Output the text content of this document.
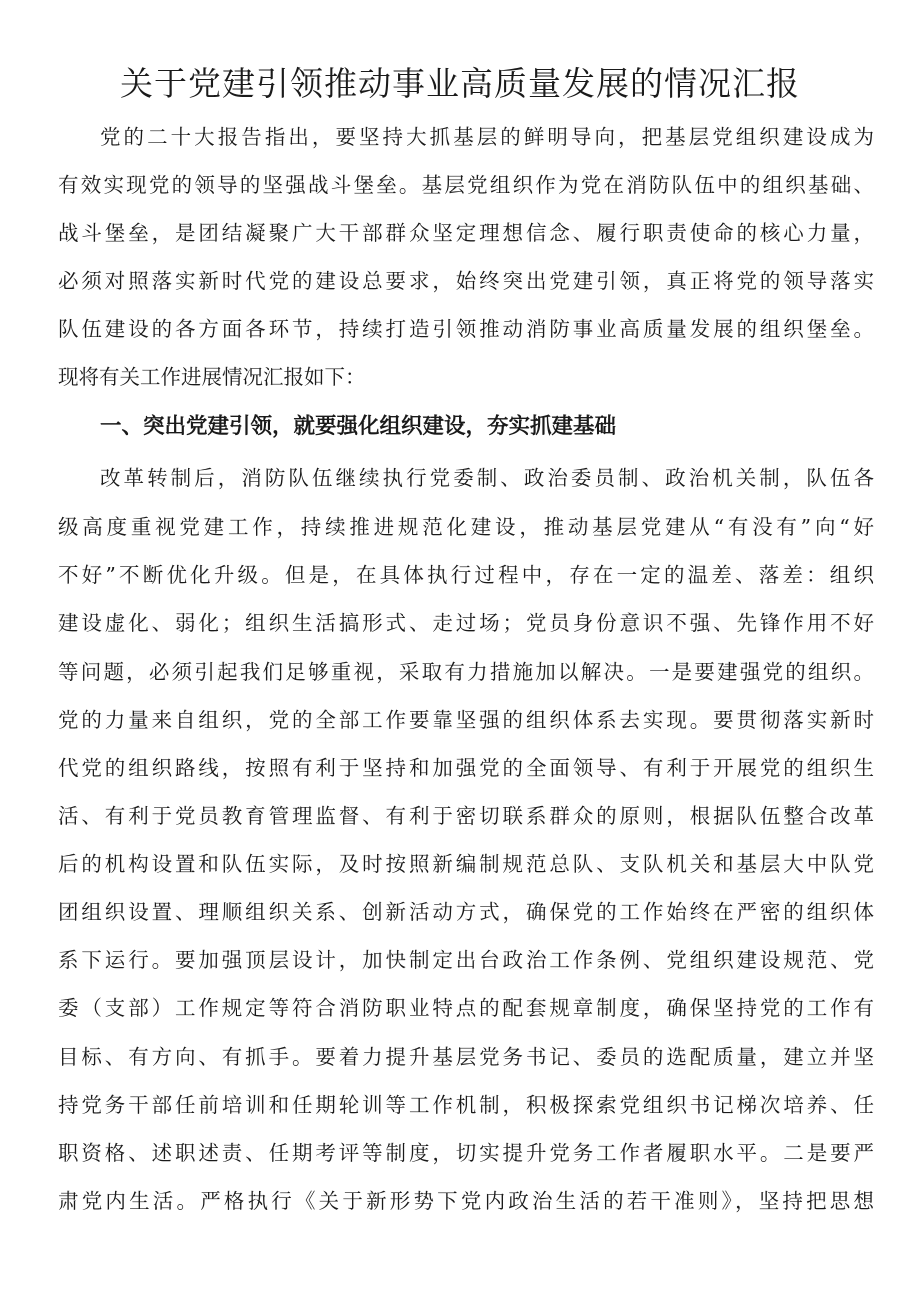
关于党建引领推动事业高质量发展的情况汇报
党的二十大报告指出，要坚持大抓基层的鲜明导向，把基层党组织建设成为
有效实现党的领导的坚强战斗堡垒。基层党组织作为党在消防队伍中的组织基础、
战斗堡垒，是团结凝聚广大干部群众坚定理想信念、履行职责使命的核心力量，
必须对照落实新时代党的建设总要求，始终突出党建引领，真正将党的领导落实
队伍建设的各方面各环节，持续打造引领推动消防事业高质量发展的组织堡垒。
现将有关工作进展情况汇报如下：
一、突出党建引领，就要强化组织建设，夯实抓建基础
改革转制后，消防队伍继续执行党委制、政治委员制、政治机关制，队伍各
级高度重视党建工作，持续推进规范化建设，推动基层党建从“有没有”向“好
不好”不断优化升级。但是，在具体执行过程中，存在一定的温差、落差：组织
建设虚化、弱化；组织生活搞形式、走过场；党员身份意识不强、先锋作用不好
等问题，必须引起我们足够重视，采取有力措施加以解决。一是要建强党的组织。
党的力量来自组织，党的全部工作要靠坚强的组织体系去实现。要贯彻落实新时
代党的组织路线，按照有利于坚持和加强党的全面领导、有利于开展党的组织生
活、有利于党员教育管理监督、有利于密切联系群众的原则，根据队伍整合改革
后的机构设置和队伍实际，及时按照新编制规范总队、支队机关和基层大中队党
团组织设置、理顺组织关系、创新活动方式，确保党的工作始终在严密的组织体
系下运行。要加强顶层设计，加快制定出台政治工作条例、党组织建设规范、党
委（支部）工作规定等符合消防职业特点的配套规章制度，确保坚持党的工作有
目标、有方向、有抓手。要着力提升基层党务书记、委员的选配质量，建立并坚
持党务干部任前培训和任期轮训等工作机制，积极探索党组织书记梯次培养、任
职资格、述职述责、任期考评等制度，切实提升党务工作者履职水平。二是要严
肃党内生活。严格执行《关于新形势下党内政治生活的若干准则》，坚持把思想
